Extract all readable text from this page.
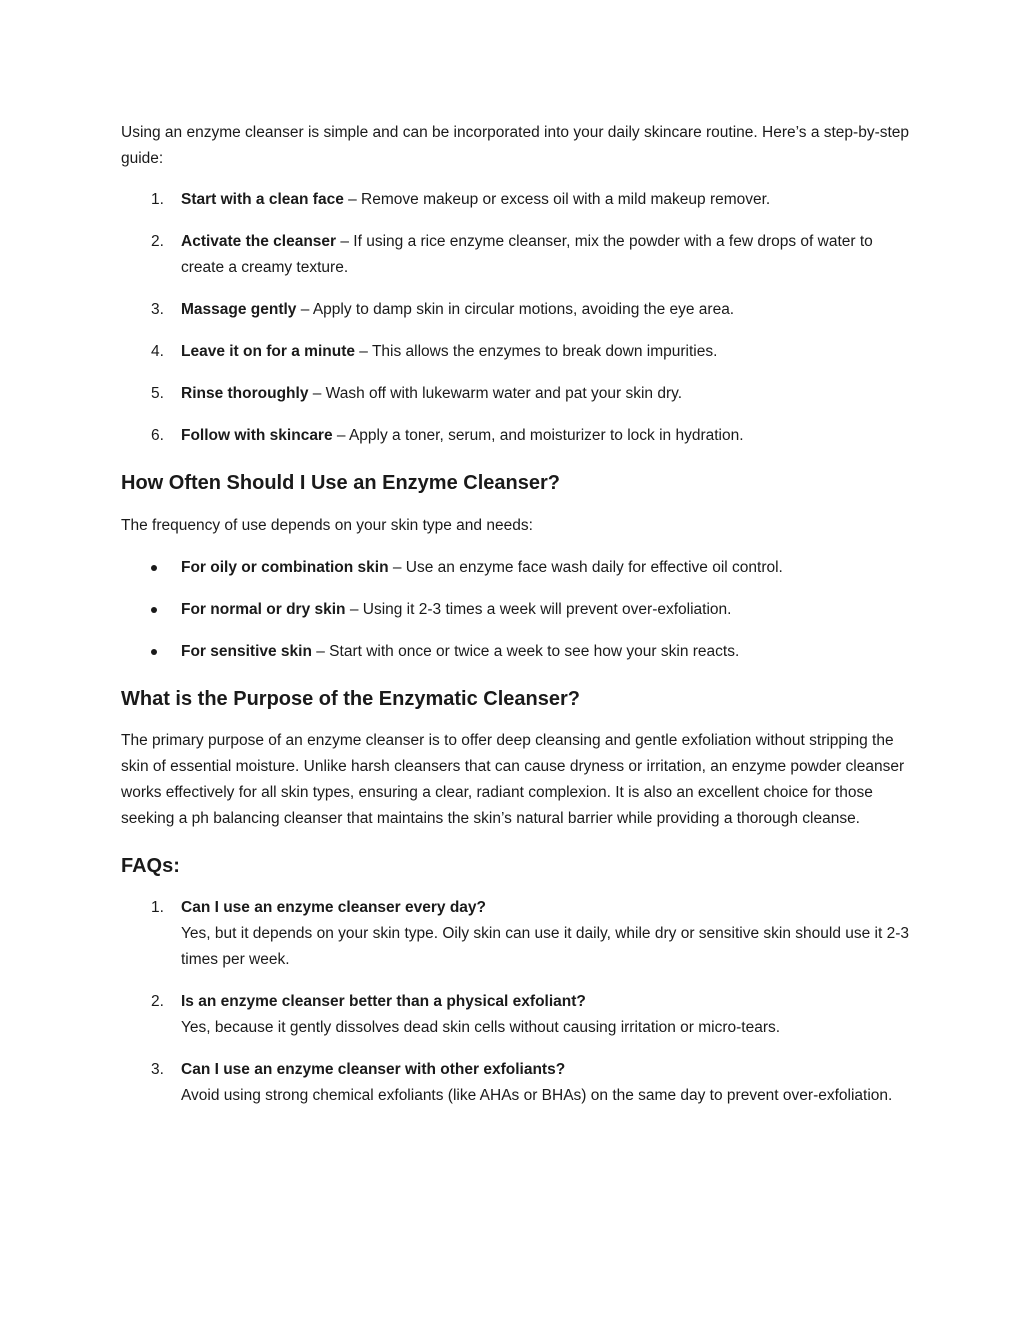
Using an enzyme cleanser is simple and can be incorporated into your daily skincare routine. Here’s a step-by-step guide:

1. Start with a clean face – Remove makeup or excess oil with a mild makeup remover.
2. Activate the cleanser – If using a rice enzyme cleanser, mix the powder with a few drops of water to create a creamy texture.
3. Massage gently – Apply to damp skin in circular motions, avoiding the eye area.
4. Leave it on for a minute – This allows the enzymes to break down impurities.
5. Rinse thoroughly – Wash off with lukewarm water and pat your skin dry.
6. Follow with skincare – Apply a toner, serum, and moisturizer to lock in hydration.
How Often Should I Use an Enzyme Cleanser?

The frequency of use depends on your skin type and needs:

For oily or combination skin – Use an enzyme face wash daily for effective oil control.
For normal or dry skin – Using it 2-3 times a week will prevent over-exfoliation.
For sensitive skin – Start with once or twice a week to see how your skin reacts.
What is the Purpose of the Enzymatic Cleanser?

The primary purpose of an enzyme cleanser is to offer deep cleansing and gentle exfoliation without stripping the skin of essential moisture. Unlike harsh cleansers that can cause dryness or irritation, an enzyme powder cleanser works effectively for all skin types, ensuring a clear, radiant complexion. It is also an excellent choice for those seeking a ph balancing cleanser that maintains the skin’s natural barrier while providing a thorough cleanse.

FAQs:
1. Can I use an enzyme cleanser every day?
Yes, but it depends on your skin type. Oily skin can use it daily, while dry or sensitive skin should use it 2-3 times per week.
2. Is an enzyme cleanser better than a physical exfoliant?
Yes, because it gently dissolves dead skin cells without causing irritation or micro-tears.
3. Can I use an enzyme cleanser with other exfoliants?
Avoid using strong chemical exfoliants (like AHAs or BHAs) on the same day to prevent over-exfoliation.
